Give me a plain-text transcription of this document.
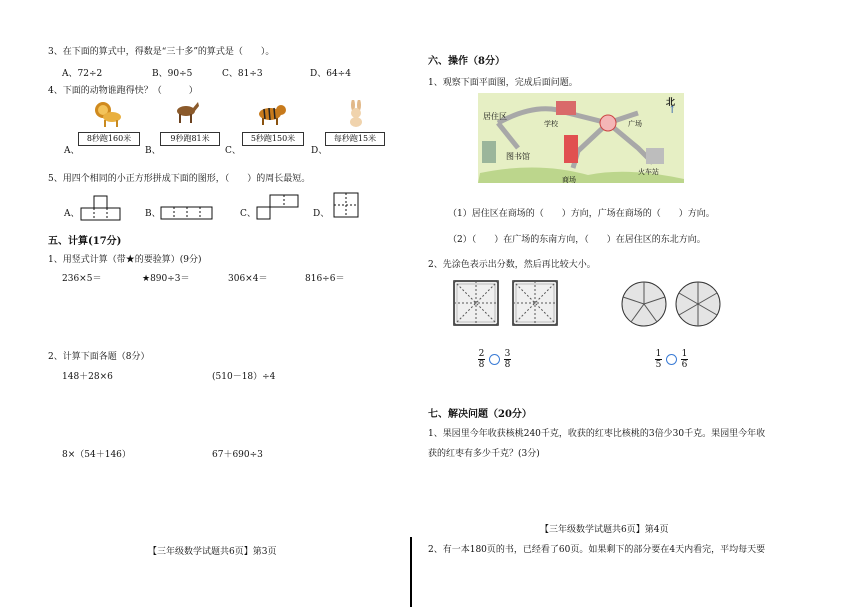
3、在下面的算式中，得数是“三十多”的算式是（　　）。
A、72÷2	B、90÷5	C、81÷3	D、64÷4
4、下面的动物谁跑得快？（　　　）
A、
8秒跑160米
B、
9秒跑81米
C、
5秒跑150米
D、
每秒跑15米
5、用四个相同的小正方形拼成下面的图形，（　　）的周长最短。
A、	B、	C、	D、
五、计算(17分)
1、用竖式计算（带★的要验算）(9分)
236×5＝	★890÷3＝	306×4＝	816÷6＝
2、计算下面各题（8分）
148＋28×6	(510－18）÷4
8×（54＋146）	67＋690÷3
【三年级数学试题共6页】第3页
六、操作（8分）
1、观察下面平面图，完成后面问题。
居住区
学校	广场
图书馆
商场
火车站
北
↑
（1）居住区在商场的（　　）方向，广场在商场的（　　）方向。
（2）（　　）在广场的东南方向，（　　）在居住区的东北方向。
2、先涂色表示出分数，然后再比较大小。
2
8
3
8
1
5
1
6
七、解决问题（20分）
1、果园里今年收获核桃240千克，收获的红枣比核桃的3倍少30千克。果园里今年收
获的红枣有多少千克？(3分)
【三年级数学试题共6页】第4页
2、有一本180页的书，已经看了60页。如果剩下的部分要在4天内看完，平均每天要
